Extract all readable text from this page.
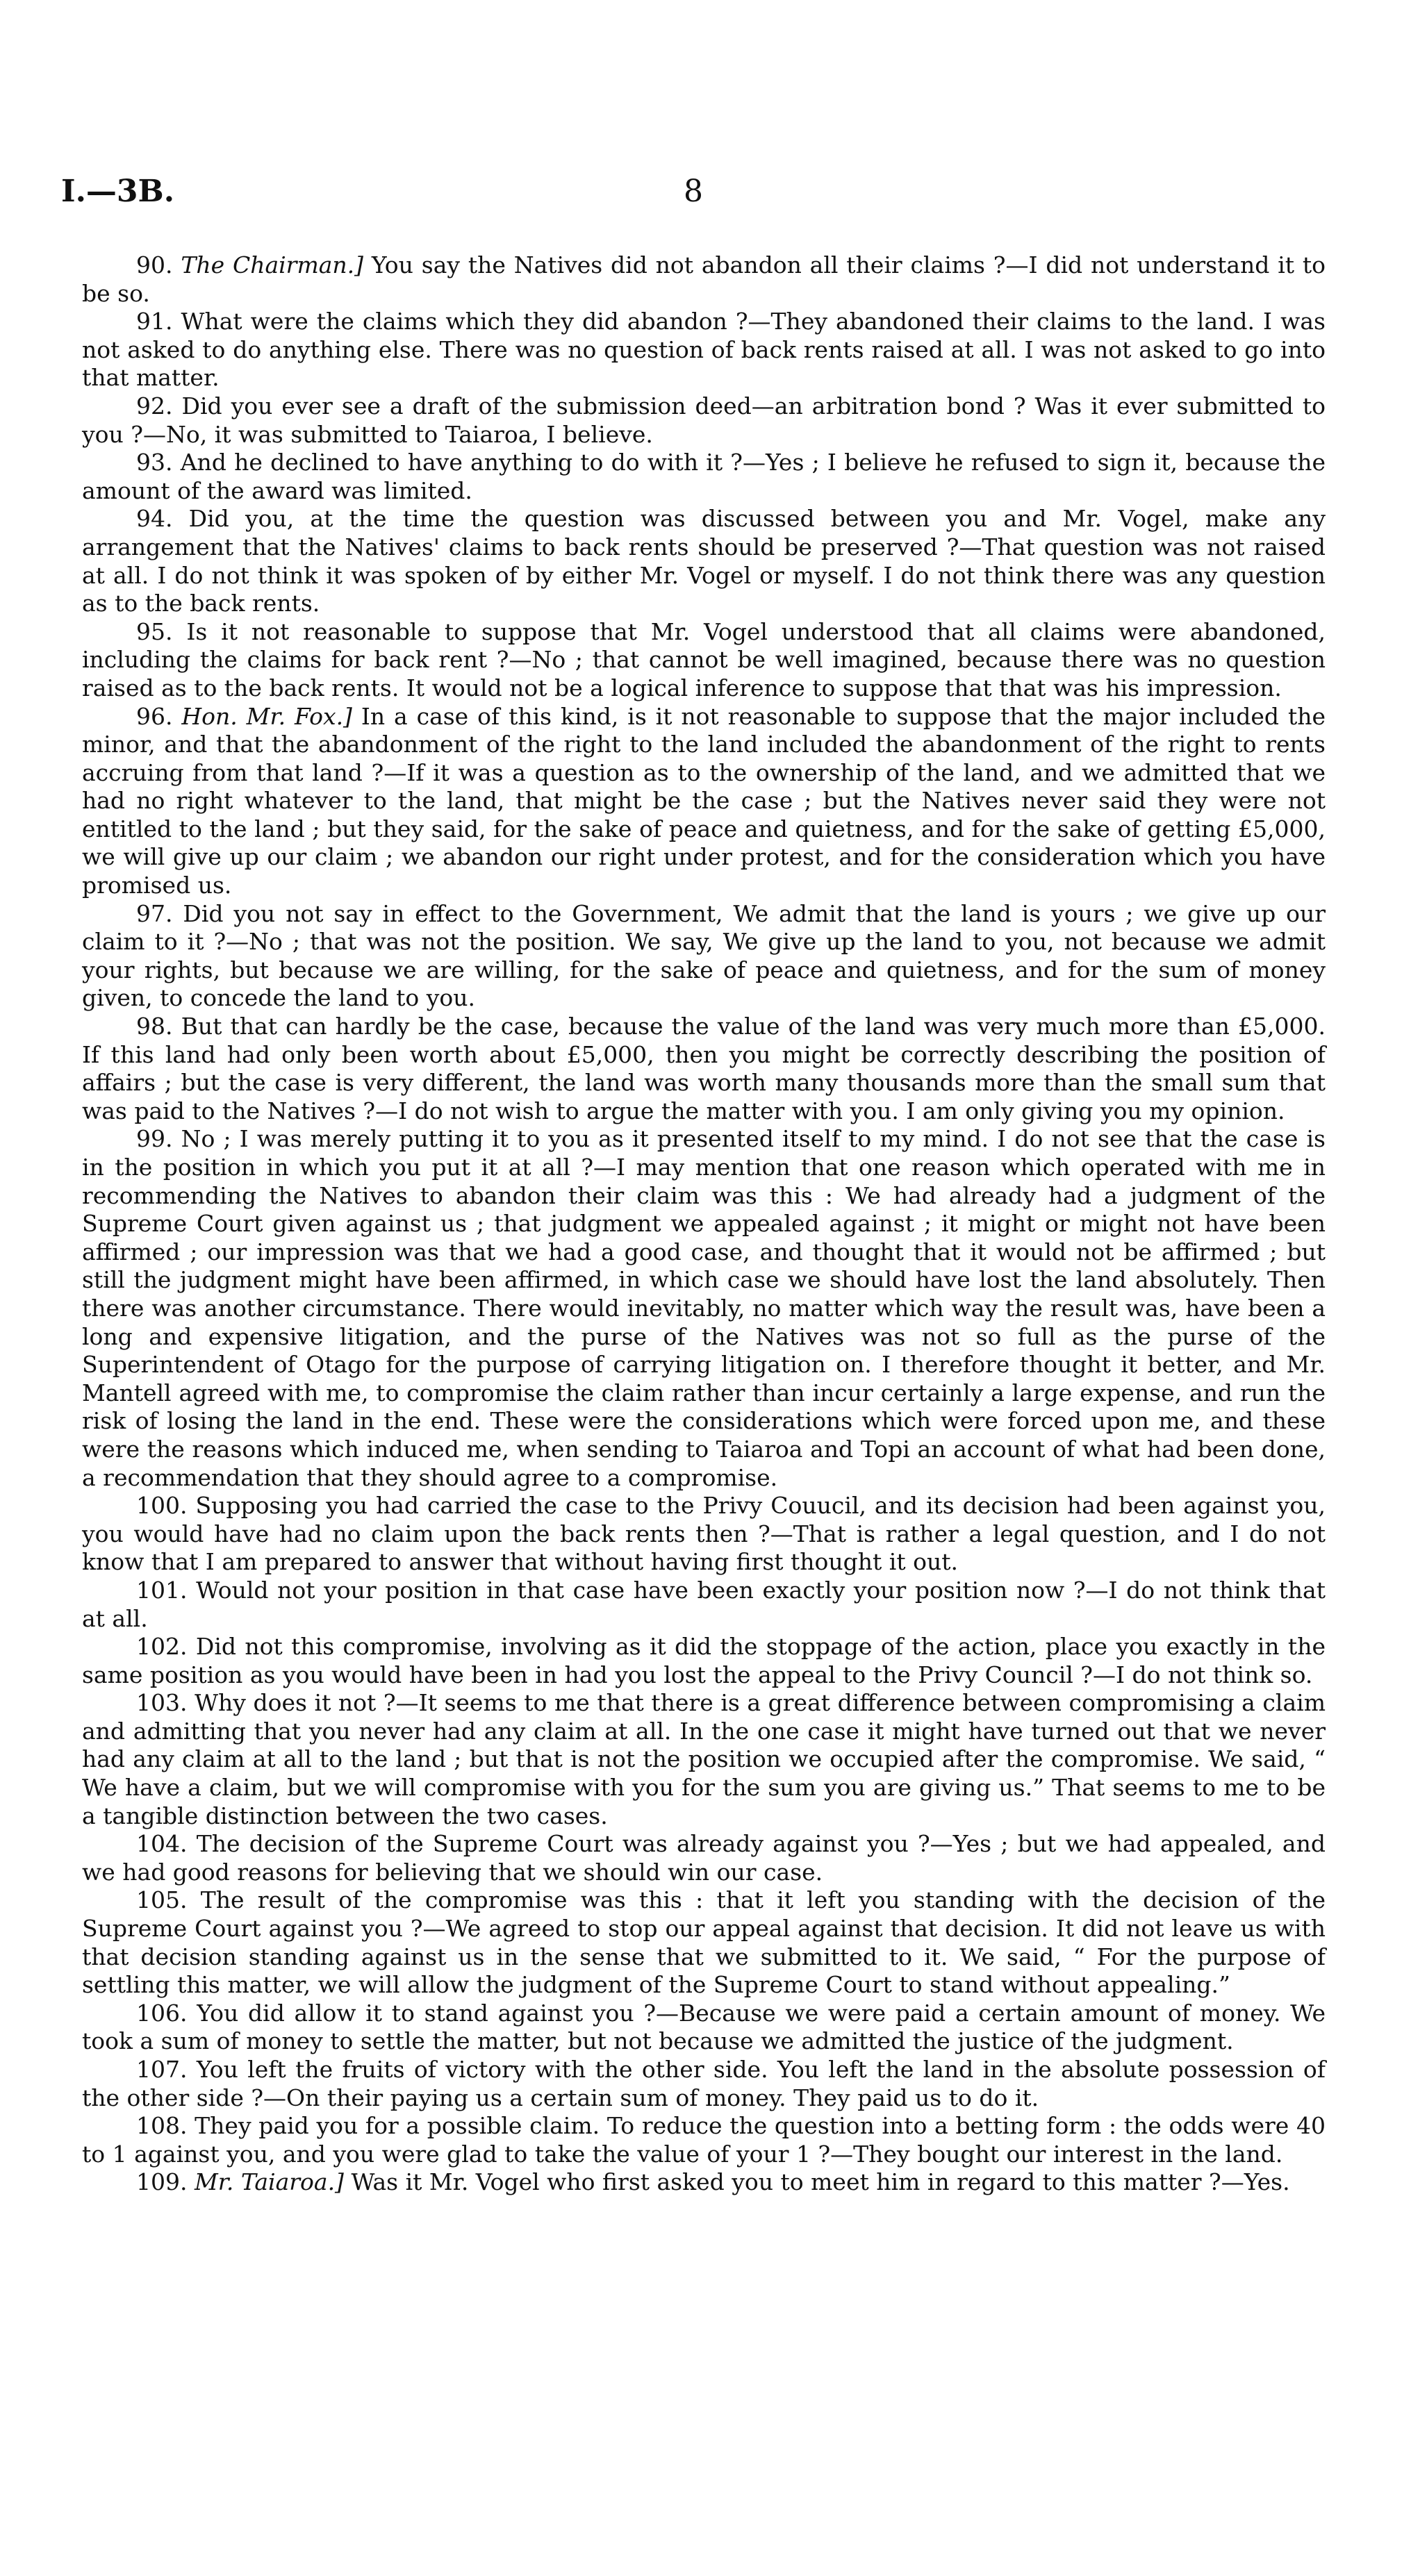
I.—3B.	8

90. The Chairman.] You say the Natives did not abandon all their claims ?—I did not understand it to be so.

91. What were the claims which they did abandon ?—They abandoned their claims to the land. I was not asked to do anything else. There was no question of back rents raised at all. I was not asked to go into that matter.

92. Did you ever see a draft of the submission deed—an arbitration bond ? Was it ever submitted to you ?—No, it was submitted to Taiaroa, I believe.

93. And he declined to have anything to do with it ?—Yes ; I believe he refused to sign it, because the amount of the award was limited.

94. Did you, at the time the question was discussed between you and Mr. Vogel, make any arrangement that the Natives' claims to back rents should be preserved ?—That question was not raised at all. I do not think it was spoken of by either Mr. Vogel or myself. I do not think there was any question as to the back rents.

95. Is it not reasonable to suppose that Mr. Vogel understood that all claims were abandoned, including the claims for back rent ?—No ; that cannot be well imagined, because there was no question raised as to the back rents. It would not be a logical inference to suppose that that was his impression.

96. Hon. Mr. Fox.] In a case of this kind, is it not reasonable to suppose that the major included the minor, and that the abandonment of the right to the land included the abandonment of the right to rents accruing from that land ?—If it was a question as to the ownership of the land, and we admitted that we had no right whatever to the land, that might be the case ; but the Natives never said they were not entitled to the land ; but they said, for the sake of peace and quietness, and for the sake of getting £5,000, we will give up our claim ; we abandon our right under protest, and for the consideration which you have promised us.

97. Did you not say in effect to the Government, We admit that the land is yours ; we give up our claim to it ?—No ; that was not the position. We say, We give up the land to you, not because we admit your rights, but because we are willing, for the sake of peace and quietness, and for the sum of money given, to concede the land to you.

98. But that can hardly be the case, because the value of the land was very much more than £5,000. If this land had only been worth about £5,000, then you might be correctly describing the position of affairs ; but the case is very different, the land was worth many thousands more than the small sum that was paid to the Natives ?—I do not wish to argue the matter with you. I am only giving you my opinion.

99. No ; I was merely putting it to you as it presented itself to my mind. I do not see that the case is in the position in which you put it at all ?—I may mention that one reason which operated with me in recommending the Natives to abandon their claim was this : We had already had a judgment of the Supreme Court given against us ; that judgment we appealed against ; it might or might not have been affirmed ; our impression was that we had a good case, and thought that it would not be affirmed ; but still the judgment might have been affirmed, in which case we should have lost the land absolutely. Then there was another circumstance. There would inevitably, no matter which way the result was, have been a long and expensive litigation, and the purse of the Natives was not so full as the purse of the Superintendent of Otago for the purpose of carrying litigation on. I therefore thought it better, and Mr. Mantell agreed with me, to compromise the claim rather than incur certainly a large expense, and run the risk of losing the land in the end. These were the considerations which were forced upon me, and these were the reasons which induced me, when sending to Taiaroa and Topi an account of what had been done, a recommendation that they should agree to a compromise.

100. Supposing you had carried the case to the Privy Couucil, and its decision had been against you, you would have had no claim upon the back rents then ?—That is rather a legal question, and I do not know that I am prepared to answer that without having first thought it out.

101. Would not your position in that case have been exactly your position now ?—I do not think that at all.

102. Did not this compromise, involving as it did the stoppage of the action, place you exactly in the same position as you would have been in had you lost the appeal to the Privy Council ?—I do not think so.

103. Why does it not ?—It seems to me that there is a great difference between compromising a claim and admitting that you never had any claim at all. In the one case it might have turned out that we never had any claim at all to the land ; but that is not the position we occupied after the compromise. We said, “ We have a claim, but we will compromise with you for the sum you are giving us.” That seems to me to be a tangible distinction between the two cases.

104. The decision of the Supreme Court was already against you ?—Yes ; but we had appealed, and we had good reasons for believing that we should win our case.

105. The result of the compromise was this : that it left you standing with the decision of the Supreme Court against you ?—We agreed to stop our appeal against that decision. It did not leave us with that decision standing against us in the sense that we submitted to it. We said, “ For the purpose of settling this matter, we will allow the judgment of the Supreme Court to stand without appealing.”

106. You did allow it to stand against you ?—Because we were paid a certain amount of money. We took a sum of money to settle the matter, but not because we admitted the justice of the judgment.

107. You left the fruits of victory with the other side. You left the land in the absolute possession of the other side ?—On their paying us a certain sum of money. They paid us to do it.

108. They paid you for a possible claim. To reduce the question into a betting form : the odds were 40 to 1 against you, and you were glad to take the value of your 1 ?—They bought our interest in the land.

109. Mr. Taiaroa.] Was it Mr. Vogel who first asked you to meet him in regard to this matter ?—Yes.
